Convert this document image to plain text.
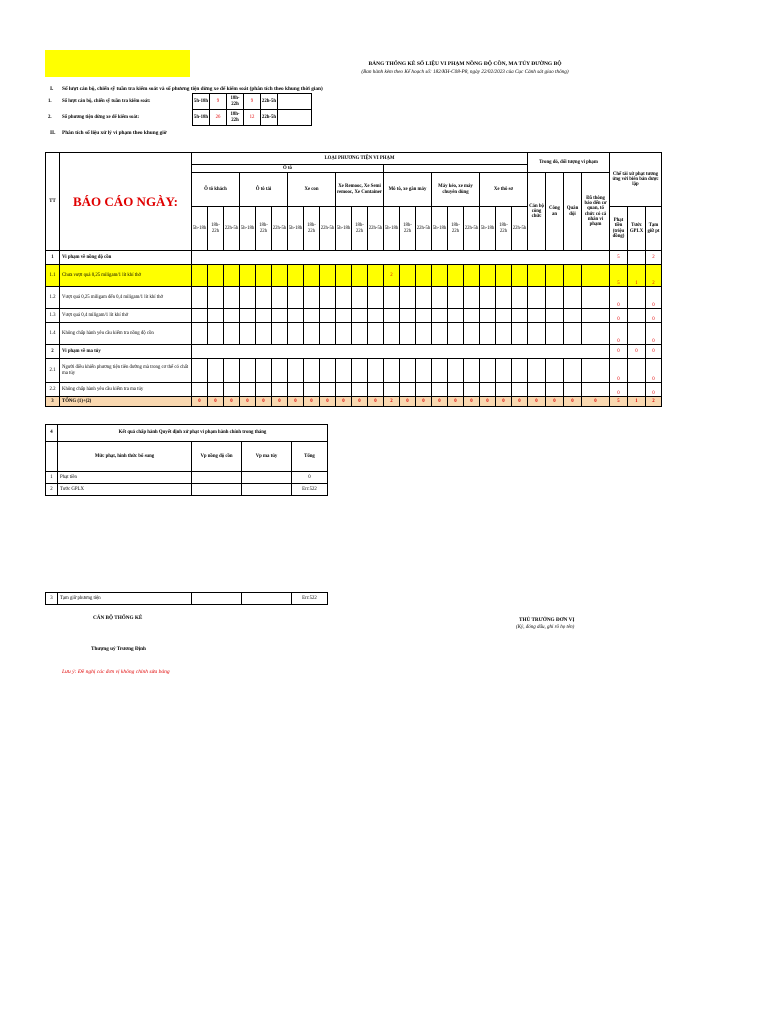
BẢNG THỐNG KÊ SỐ LIỆU VI PHẠM NỒNG ĐỘ CỒN, MA TÚY ĐƯỜNG BỘ
(Ban hành kèm theo Kế hoạch số: 182/KH-C08-P8, ngày 22/02/2023 của Cục Cảnh sát giao thông)
I. Số lượt cán bộ, chiến sỹ tuần tra kiểm soát và số phương tiện dừng xe để kiểm soát (phân tích theo khung thời gian)
1.	Số lượt cán bộ, chiến sỹ tuần tra kiểm soát:	5h-18h	9	18h-22h	9	22h-5h	
2.	Số phương tiện dừng xe để kiểm soát:	5h-18h	26	18h-22h	12	22h-5h	
II. Phân tích số liệu xử lý vi phạm theo khung giờ
TT	BÁO CÁO NGÀY:	LOẠI PHƯƠNG TIỆN VI PHẠM																					Trong đó, đối tượng vi phạm				Chế tài xử phạt tương ứng với biên bản được lập		
		Ô tô																											
		Ô tô khách			Ô tô tải			Xe con			Xe Remooc, Xe Semi remooc, Xe Container			Mô tô, xe gắn máy			Máy kéo, xe máy chuyên dùng			Xe thô sơ			Cán bộ công chức	Công an	Quân đội	Đã thông báo đến cơ quan, tổ chức có cá nhân vi phạm			
		5h-18h	18h-22h	22h-5h	5h-18h	18h-22h	22h-5h	5h-18h	18h-22h	22h-5h	5h-18h	18h-22h	22h-5h	5h-18h	18h-22h	22h-5h	5h-18h	18h-22h	22h-5h	5h-18h	18h-22h	22h-5h					Phạt tiền (triệu đồng)	Tước GPLX	Tạm giữ pt
1	Vi phạm về nồng độ cồn																										5		2
1.1	Chưa vượt quá 0,25 miligam/1 lít khí thở													2													5	1	2
1.2	Vượt quá 0,25 miligam đến 0,4 miligam/1 lít khí thở																										0		0
1.3	Vượt quá 0,4 miligam/1 lít khí thở																										0		0
1.4	Không chấp hành yêu cầu kiểm tra nồng độ cồn																										0		0
2	Vi phạm về ma túy																										0	0	0
2.1	Người điều khiển phương tiện tiên đường mà trong cơ thể có chất ma túy																										0		0
2.2	Không chấp hành yêu cầu kiểm tra ma túy																										0		0
3	TỔNG (1)+(2)	0	0	0	0	0	0	0	0	0	0	0	0	2	0	0	0	0	0	0	0	0	0	0	0	0	5	1	2
4	Kết quả chấp hành Quyết định xử phạt vi phạm hành chính trong tháng			
	Mức phạt, hình thức bổ sung	Vp nồng độ cồn	Vp ma túy	Tổng
1	Phạt tiền			0
2	Tước GPLX			Err:522
3	Tạm giữ phương tiện			Err:522
CÁN BỘ THỐNG KÊ
Thượng uý Trương Định
THỦ TRƯỞNG ĐƠN VỊ
(Ký, đóng dấu, ghi rõ họ tên)
Lưu ý: Đề nghị các đơn vị không chỉnh sửa bảng
